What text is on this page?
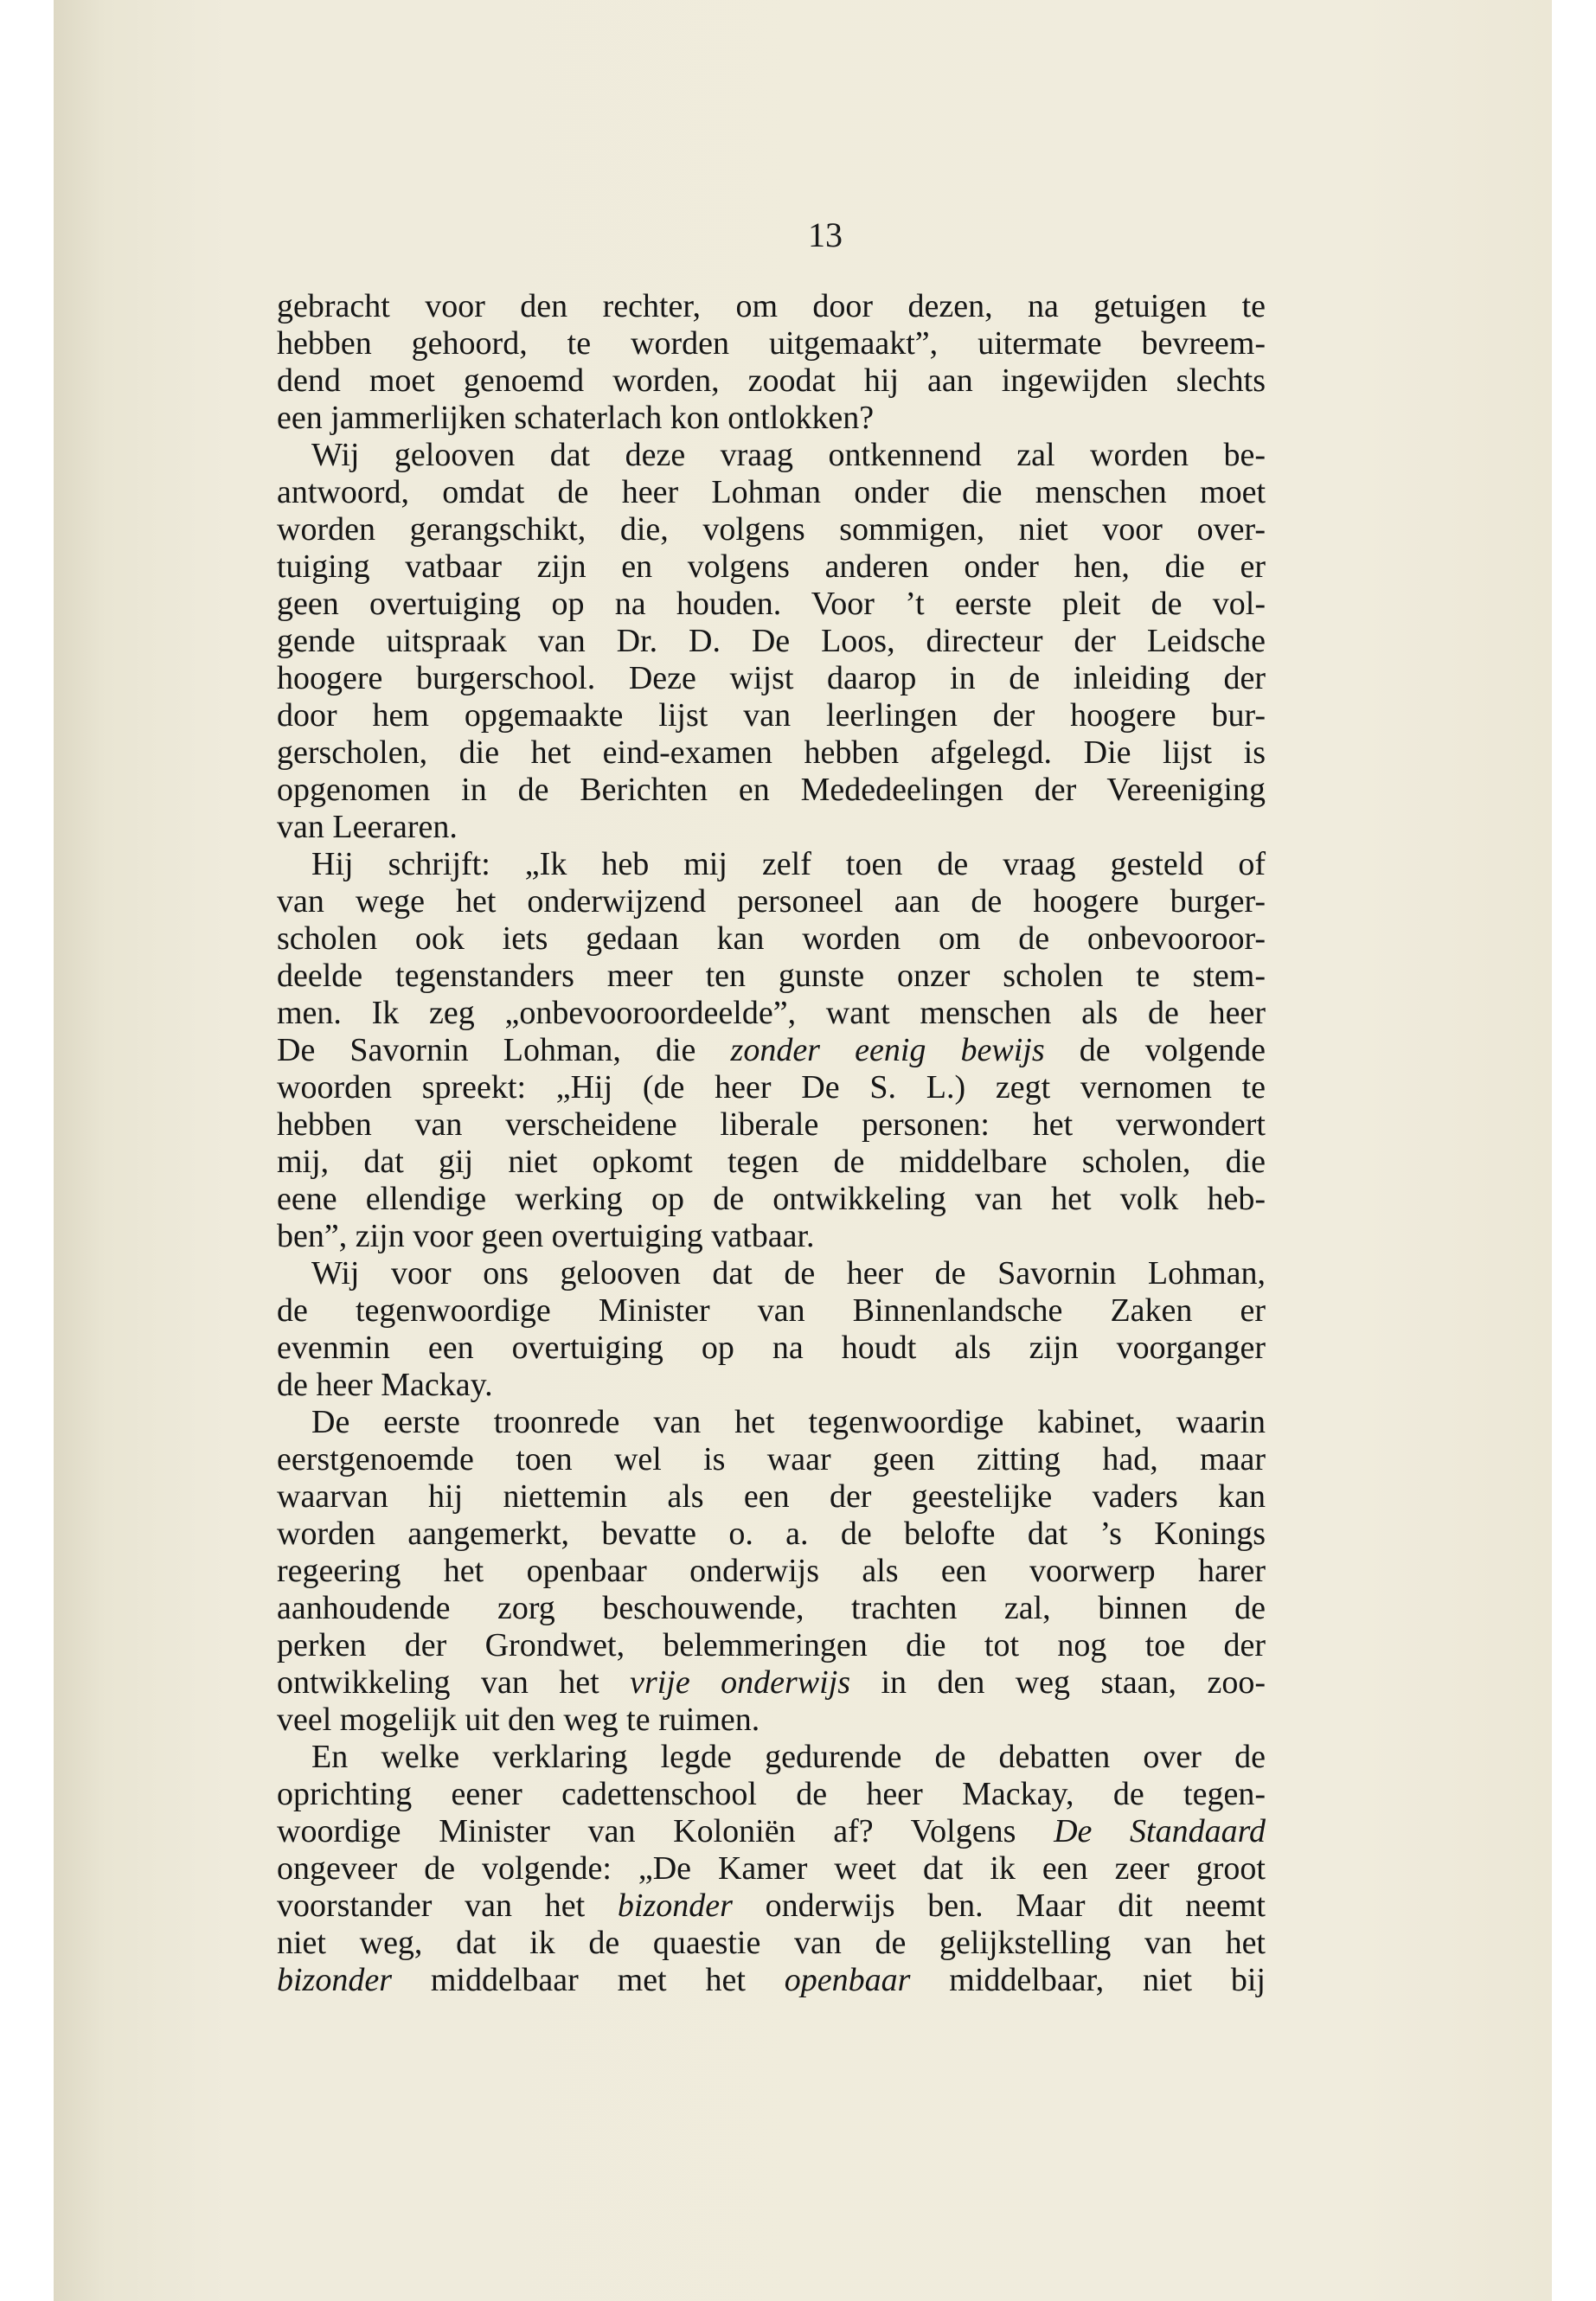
13
gebracht voor den rechter, om door dezen, na getuigen te
hebben gehoord, te worden uitgemaakt”, uitermate bevreem-
dend moet genoemd worden, zoodat hij aan ingewijden slechts
een jammerlijken schaterlach kon ontlokken?
Wij gelooven dat deze vraag ontkennend zal worden be-
antwoord, omdat de heer Lohman onder die menschen moet
worden gerangschikt, die, volgens sommigen, niet voor over-
tuiging vatbaar zijn en volgens anderen onder hen, die er
geen overtuiging op na houden. Voor ’t eerste pleit de vol-
gende uitspraak van Dr. D. De Loos, directeur der Leidsche
hoogere burgerschool. Deze wijst daarop in de inleiding der
door hem opgemaakte lijst van leerlingen der hoogere bur-
gerscholen, die het eind-examen hebben afgelegd. Die lijst is
opgenomen in de Berichten en Mededeelingen der Vereeniging
van Leeraren.
Hij schrijft: „Ik heb mij zelf toen de vraag gesteld of
van wege het onderwijzend personeel aan de hoogere burger-
scholen ook iets gedaan kan worden om de onbevooroor-
deelde tegenstanders meer ten gunste onzer scholen te stem-
men. Ik zeg „onbevooroordeelde”, want menschen als de heer
De Savornin Lohman, die zonder eenig bewijs de volgende
woorden spreekt: „Hij (de heer De S. L.) zegt vernomen te
hebben van verscheidene liberale personen: het verwondert
mij, dat gij niet opkomt tegen de middelbare scholen, die
eene ellendige werking op de ontwikkeling van het volk heb-
ben”, zijn voor geen overtuiging vatbaar.
Wij voor ons gelooven dat de heer de Savornin Lohman,
de tegenwoordige Minister van Binnenlandsche Zaken er
evenmin een overtuiging op na houdt als zijn voorganger
de heer Mackay.
De eerste troonrede van het tegenwoordige kabinet, waarin
eerstgenoemde toen wel is waar geen zitting had, maar
waarvan hij niettemin als een der geestelijke vaders kan
worden aangemerkt, bevatte o. a. de belofte dat ’s Konings
regeering het openbaar onderwijs als een voorwerp harer
aanhoudende zorg beschouwende, trachten zal, binnen de
perken der Grondwet, belemmeringen die tot nog toe der
ontwikkeling van het vrije onderwijs in den weg staan, zoo-
veel mogelijk uit den weg te ruimen.
En welke verklaring legde gedurende de debatten over de
oprichting eener cadettenschool de heer Mackay, de tegen-
woordige Minister van Koloniën af? Volgens De Standaard
ongeveer de volgende: „De Kamer weet dat ik een zeer groot
voorstander van het bizonder onderwijs ben. Maar dit neemt
niet weg, dat ik de quaestie van de gelijkstelling van het
bizonder middelbaar met het openbaar middelbaar, niet bij
